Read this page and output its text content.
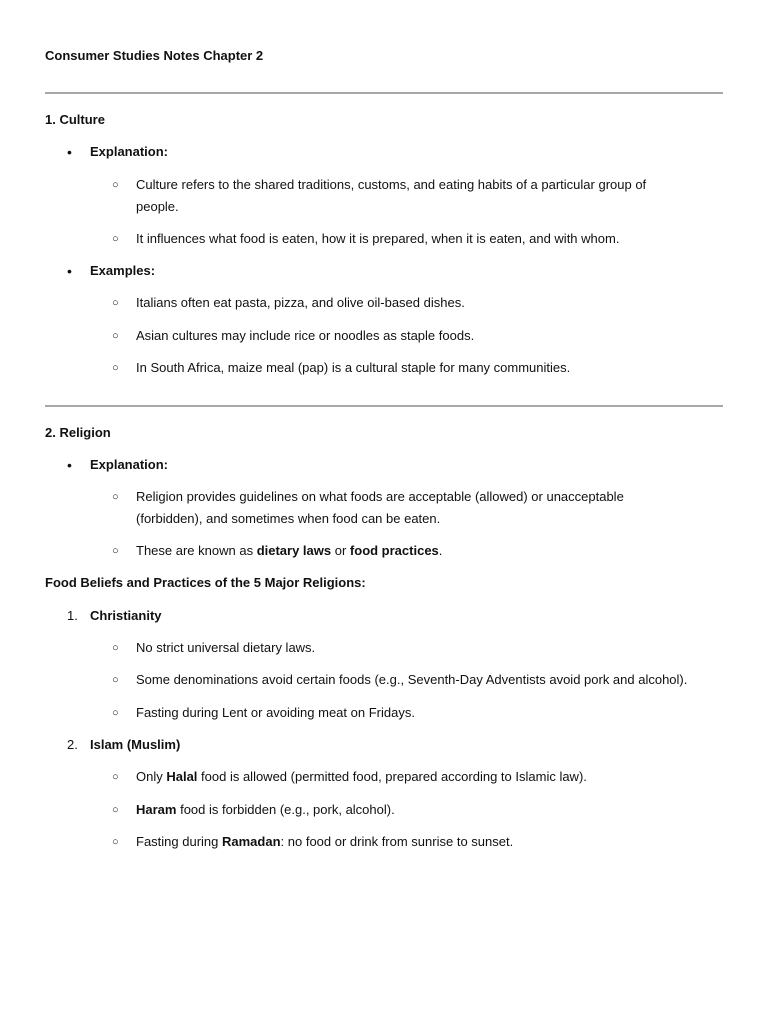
Consumer Studies Notes Chapter 2
1. Culture
• Explanation:
○ Culture refers to the shared traditions, customs, and eating habits of a particular group of
people.
○ It influences what food is eaten, how it is prepared, when it is eaten, and with whom.
• Examples:
○ Italians often eat pasta, pizza, and olive oil-based dishes.
○ Asian cultures may include rice or noodles as staple foods.
○ In South Africa, maize meal (pap) is a cultural staple for many communities.
2. Religion
• Explanation:
○ Religion provides guidelines on what foods are acceptable (allowed) or unacceptable
(forbidden), and sometimes when food can be eaten.
○ These are known as dietary laws or food practices.
Food Beliefs and Practices of the 5 Major Religions:
1. Christianity
○ No strict universal dietary laws.
○ Some denominations avoid certain foods (e.g., Seventh-Day Adventists avoid pork and alcohol).
○ Fasting during Lent or avoiding meat on Fridays.
2. Islam (Muslim)
○ Only Halal food is allowed (permitted food, prepared according to Islamic law).
○ Haram food is forbidden (e.g., pork, alcohol).
○ Fasting during Ramadan: no food or drink from sunrise to sunset.
